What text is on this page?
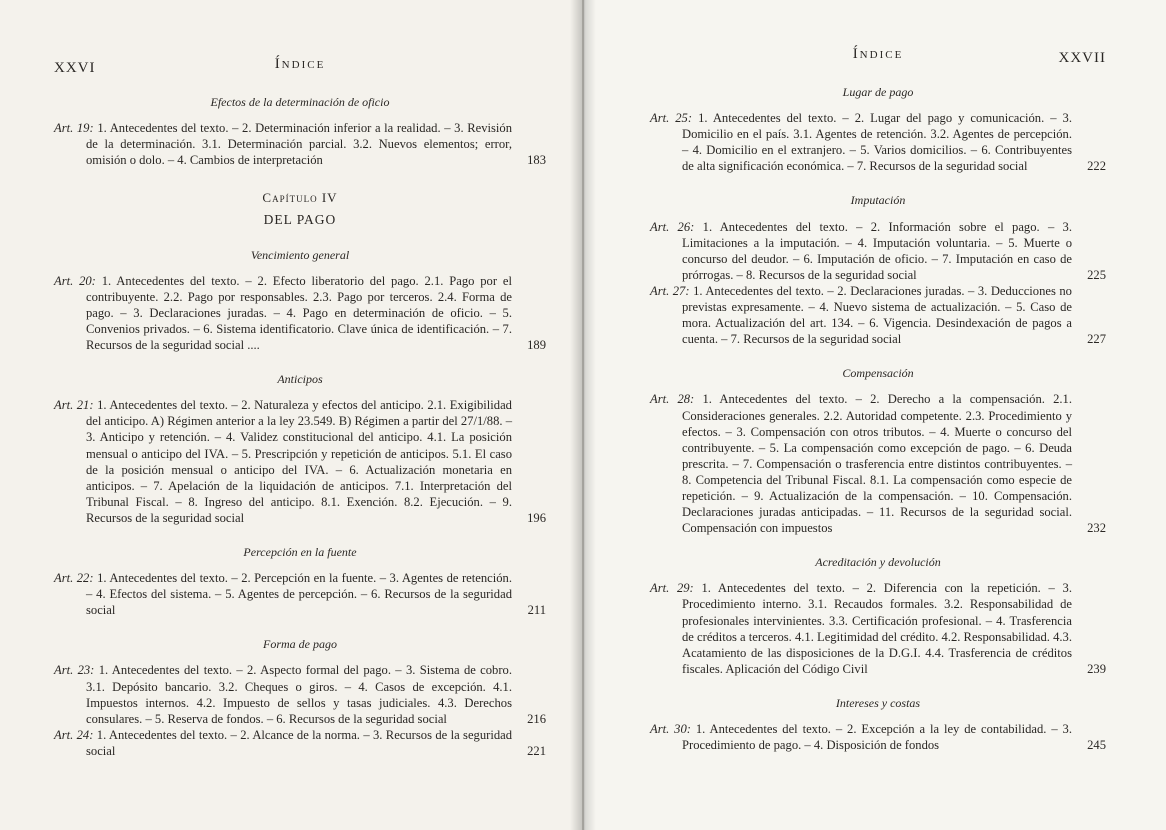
XXVI	Índice
Efectos de la determinación de oficio
Art. 19: 1. Antecedentes del texto. – 2. Determinación inferior a la realidad. – 3. Revisión de la determinación. 3.1. Determinación parcial. 3.2. Nuevos elementos; error, omisión o dolo. – 4. Cambios de interpretación	183
Capítulo IV
DEL PAGO
Vencimiento general
Art. 20: 1. Antecedentes del texto. – 2. Efecto liberatorio del pago. 2.1. Pago por el contribuyente. 2.2. Pago por responsables. 2.3. Pago por terceros. 2.4. Forma de pago. – 3. Declaraciones juradas. – 4. Pago en determinación de oficio. – 5. Convenios privados. – 6. Sistema identificatorio. Clave única de identificación. – 7. Recursos de la seguridad social ....	189
Anticipos
Art. 21: 1. Antecedentes del texto. – 2. Naturaleza y efectos del anticipo. 2.1. Exigibilidad del anticipo. A) Régimen anterior a la ley 23.549. B) Régimen a partir del 27/1/88. – 3. Anticipo y retención. – 4. Validez constitucional del anticipo. 4.1. La posición mensual o anticipo del IVA. – 5. Prescripción y repetición de anticipos. 5.1. El caso de la posición mensual o anticipo del IVA. – 6. Actualización monetaria en anticipos. – 7. Apelación de la liquidación de anticipos. 7.1. Interpretación del Tribunal Fiscal. – 8. Ingreso del anticipo. 8.1. Exención. 8.2. Ejecución. – 9. Recursos de la seguridad social	196
Percepción en la fuente
Art. 22: 1. Antecedentes del texto. – 2. Percepción en la fuente. – 3. Agentes de retención. – 4. Efectos del sistema. – 5. Agentes de percepción. – 6. Recursos de la seguridad social	211
Forma de pago
Art. 23: 1. Antecedentes del texto. – 2. Aspecto formal del pago. – 3. Sistema de cobro. 3.1. Depósito bancario. 3.2. Cheques o giros. – 4. Casos de excepción. 4.1. Impuestos internos. 4.2. Impuesto de sellos y tasas judiciales. 4.3. Derechos consulares. – 5. Reserva de fondos. – 6. Recursos de la seguridad social	216
Art. 24: 1. Antecedentes del texto. – 2. Alcance de la norma. – 3. Recursos de la seguridad social	221
Índice	XXVII
Lugar de pago
Art. 25: 1. Antecedentes del texto. – 2. Lugar del pago y comunicación. – 3. Domicilio en el país. 3.1. Agentes de retención. 3.2. Agentes de percepción. – 4. Domicilio en el extranjero. – 5. Varios domicilios. – 6. Contribuyentes de alta significación económica. – 7. Recursos de la seguridad social	222
Imputación
Art. 26: 1. Antecedentes del texto. – 2. Información sobre el pago. – 3. Limitaciones a la imputación. – 4. Imputación voluntaria. – 5. Muerte o concurso del deudor. – 6. Imputación de oficio. – 7. Imputación en caso de prórrogas. – 8. Recursos de la seguridad social	225
Art. 27: 1. Antecedentes del texto. – 2. Declaraciones juradas. – 3. Deducciones no previstas expresamente. – 4. Nuevo sistema de actualización. – 5. Caso de mora. Actualización del art. 134. – 6. Vigencia. Desindexación de pagos a cuenta. – 7. Recursos de la seguridad social	227
Compensación
Art. 28: 1. Antecedentes del texto. – 2. Derecho a la compensación. 2.1. Consideraciones generales. 2.2. Autoridad competente. 2.3. Procedimiento y efectos. – 3. Compensación con otros tributos. – 4. Muerte o concurso del contribuyente. – 5. La compensación como excepción de pago. – 6. Deuda prescrita. – 7. Compensación o trasferencia entre distintos contribuyentes. – 8. Competencia del Tribunal Fiscal. 8.1. La compensación como especie de repetición. – 9. Actualización de la compensación. – 10. Compensación. Declaraciones juradas anticipadas. – 11. Recursos de la seguridad social. Compensación con impuestos	232
Acreditación y devolución
Art. 29: 1. Antecedentes del texto. – 2. Diferencia con la repetición. – 3. Procedimiento interno. 3.1. Recaudos formales. 3.2. Responsabilidad de profesionales intervinientes. 3.3. Certificación profesional. – 4. Trasferencia de créditos a terceros. 4.1. Legitimidad del crédito. 4.2. Responsabilidad. 4.3. Acatamiento de las disposiciones de la D.G.I. 4.4. Trasferencia de créditos fiscales. Aplicación del Código Civil	239
Intereses y costas
Art. 30: 1. Antecedentes del texto. – 2. Excepción a la ley de contabilidad. – 3. Procedimiento de pago. – 4. Disposición de fondos	245
